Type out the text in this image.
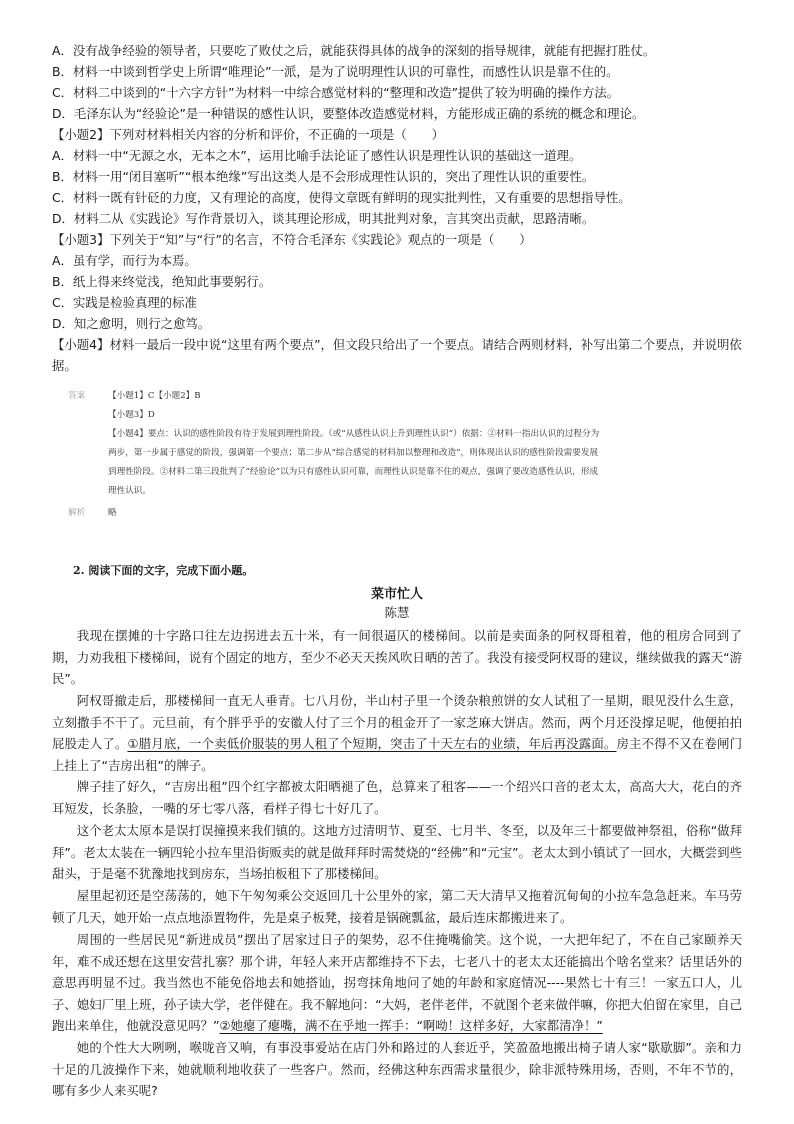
A．没有战争经验的领导者，只要吃了败仗之后，就能获得具体的战争的深刻的指导规律，就能有把握打胜仗。
B．材料一中谈到哲学史上所谓“唯理论”一派，是为了说明理性认识的可靠性，而感性认识是靠不住的。
C．材料二中谈到的“十六字方针”为材料一中综合感觉材料的“整理和改造”提供了较为明确的操作方法。
D．毛泽东认为“经验论”是一种错误的感性认识，要整体改造感觉材料，方能形成正确的系统的概念和理论。
【小题2】下列对材料相关内容的分析和评价，不正确的一项是（　　）
A．材料一中“无源之水，无本之木”，运用比喻手法论证了感性认识是理性认识的基础这一道理。
B．材料一用“闭目塞听”“根本绝缘”写出这类人是不会形成理性认识的，突出了理性认识的重要性。
C．材料一既有针砭的力度，又有理论的高度，使得文章既有鲜明的现实批判性，又有重要的思想指导性。
D．材料二从《实践论》写作背景切入，谈其理论形成，明其批判对象，言其突出贡献，思路清晰。
【小题3】下列关于“知”与“行”的名言，不符合毛泽东《实践论》观点的一项是（　　）
A．虽有学，而行为本焉。
B．纸上得来终觉浅，绝知此事要躬行。
C．实践是检验真理的标准
D．知之愈明，则行之愈笃。
【小题4】材料一最后一段中说“这里有两个要点”，但文段只给出了一个要点。请结合两则材料，补写出第二个要点，并说明依
据。
答案	【小题1】C【小题2】B
【小题3】D
【小题4】要点：认识的感性阶段有待于发展到理性阶段。（或“从感性认识上升到理性认识”）依据：②材料一指出认识的过程分为
两步，第一步属于感觉的阶段，强调第一个要点；第二步从“综合感觉的材料加以整理和改造”，则体现出认识的感性阶段需要发展
到理性阶段。②材料二第三段批判了“经验论”以为只有感性认识可靠，而理性认识是靠不住的观点，强调了要改造感性认识，形成
理性认识。
解析	略
2. 阅读下面的文字，完成下面小题。
菜市忙人
陈慧
我现在摆摊的十字路口往左边拐进去五十米，有一间很逼仄的楼梯间。以前是卖面条的阿权哥租着，他的租房合同到了期，力劝我租下楼梯间，说有个固定的地方，至少不必天天挨风吹日晒的苦了。我没有接受阿权哥的建议，继续做我的露天“游民”。
阿权哥撤走后，那楼梯间一直无人垂青。七八月份，半山村子里一个烫杂粮煎饼的女人试租了一星期，眼见没什么生意，立刻撒手不干了。元旦前，有个胖乎乎的安徽人付了三个月的租金开了一家芝麻大饼店。然而，两个月还没撑足呢，他便拍拍屁股走人了。①腊月底，一个卖低价服装的男人租了个短期，突击了十天左右的业绩，年后再没露面。房主不得不又在卷闸门上挂上了“吉房出租”的牌子。
牌子挂了好久，“吉房出租”四个红字都被太阳晒褪了色，总算来了租客——一个绍兴口音的老太太，高高大大，花白的齐耳短发，长条脸，一嘴的牙七零八落，看样子得七十好几了。
这个老太太原本是误打误撞摸来我们镇的。这地方过清明节、夏至、七月半、冬至，以及年三十都要做神祭祖，俗称“做拜拜”。老太太装在一辆四轮小拉车里沿街贩卖的就是做拜拜时需焚烧的“经佛”和“元宝”。老太太到小镇试了一回水，大概尝到些甜头，于是毫不犹豫地找到房东，当场拍板租下了那楼梯间。
屋里起初还是空荡荡的，她下午匆匆乘公交返回几十公里外的家，第二天大清早又拖着沉甸甸的小拉车急急赶来。车马劳顿了几天，她开始一点点地添置物件，先是桌子板凳，接着是锅碗瓢盆，最后连床都搬进来了。
周围的一些居民见“新进成员”摆出了居家过日子的架势，忍不住掩嘴偷笑。这个说，一大把年纪了，不在自己家颐养天年，难不成还想在这里安营扎寨？那个讲，年轻人来开店都维持不下去，七老八十的老太太还能搞出个啥名堂来？话里话外的意思再明显不过。我当然也不能免俗地去和她搭讪，拐弯抹角地问了她的年龄和家庭情况----果然七十有三！一家五口人，儿子、媳妇厂里上班，孙子读大学，老伴健在。我不解地问：“大妈，老伴老伴，不就图个老来做伴嘛，你把大伯留在家里，自己跑出来单住，他就没意见吗？”②她瘪了瘪嘴，满不在乎地一挥手：“啊呦！这样多好，大家都清净！”
她的个性大大咧咧，喉咙音又响，有事没事爱站在店门外和路过的人套近乎，笑盈盈地搬出椅子请人家“歇歇脚”。亲和力十足的几波操作下来，她就顺利地收获了一些客户。然而，经佛这种东西需求量很少，除非派特殊用场，否则，不年不节的，哪有多少人来买呢?
